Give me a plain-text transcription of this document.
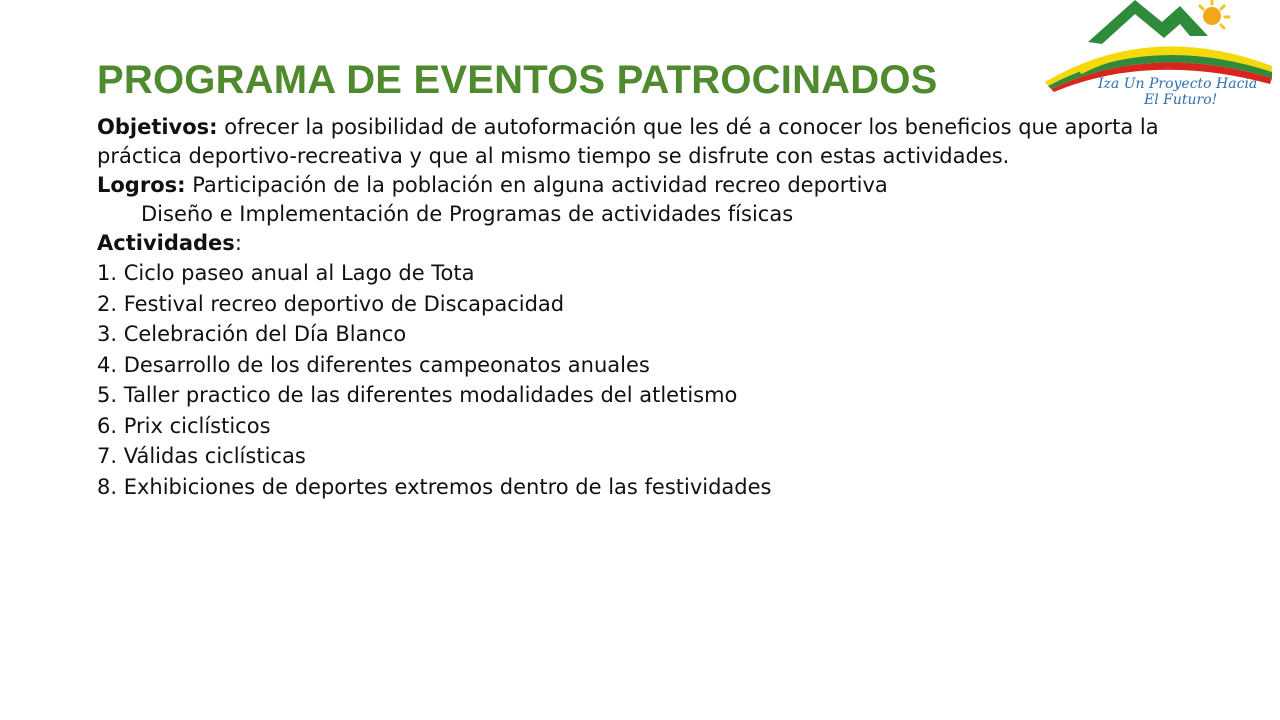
PROGRAMA DE EVENTOS PATROCINADOS	Iza Un Proyecto Hacia
El Futuro!

Objetivos: ofrecer la posibilidad de autoformación que les dé a conocer los beneficios que aporta la práctica deportivo-recreativa y que al mismo tiempo se disfrute con estas actividades.

Logros: Participación de la población en alguna actividad recreo deportiva

Diseño e Implementación de Programas de actividades físicas

Actividades:

1. Ciclo paseo anual al Lago de Tota
2. Festival recreo deportivo de Discapacidad
3. Celebración del Día Blanco
4. Desarrollo de los diferentes campeonatos anuales
5. Taller practico de las diferentes modalidades del atletismo
6. Prix ciclísticos
7. Válidas ciclísticas
8. Exhibiciones de deportes extremos dentro de las festividades
